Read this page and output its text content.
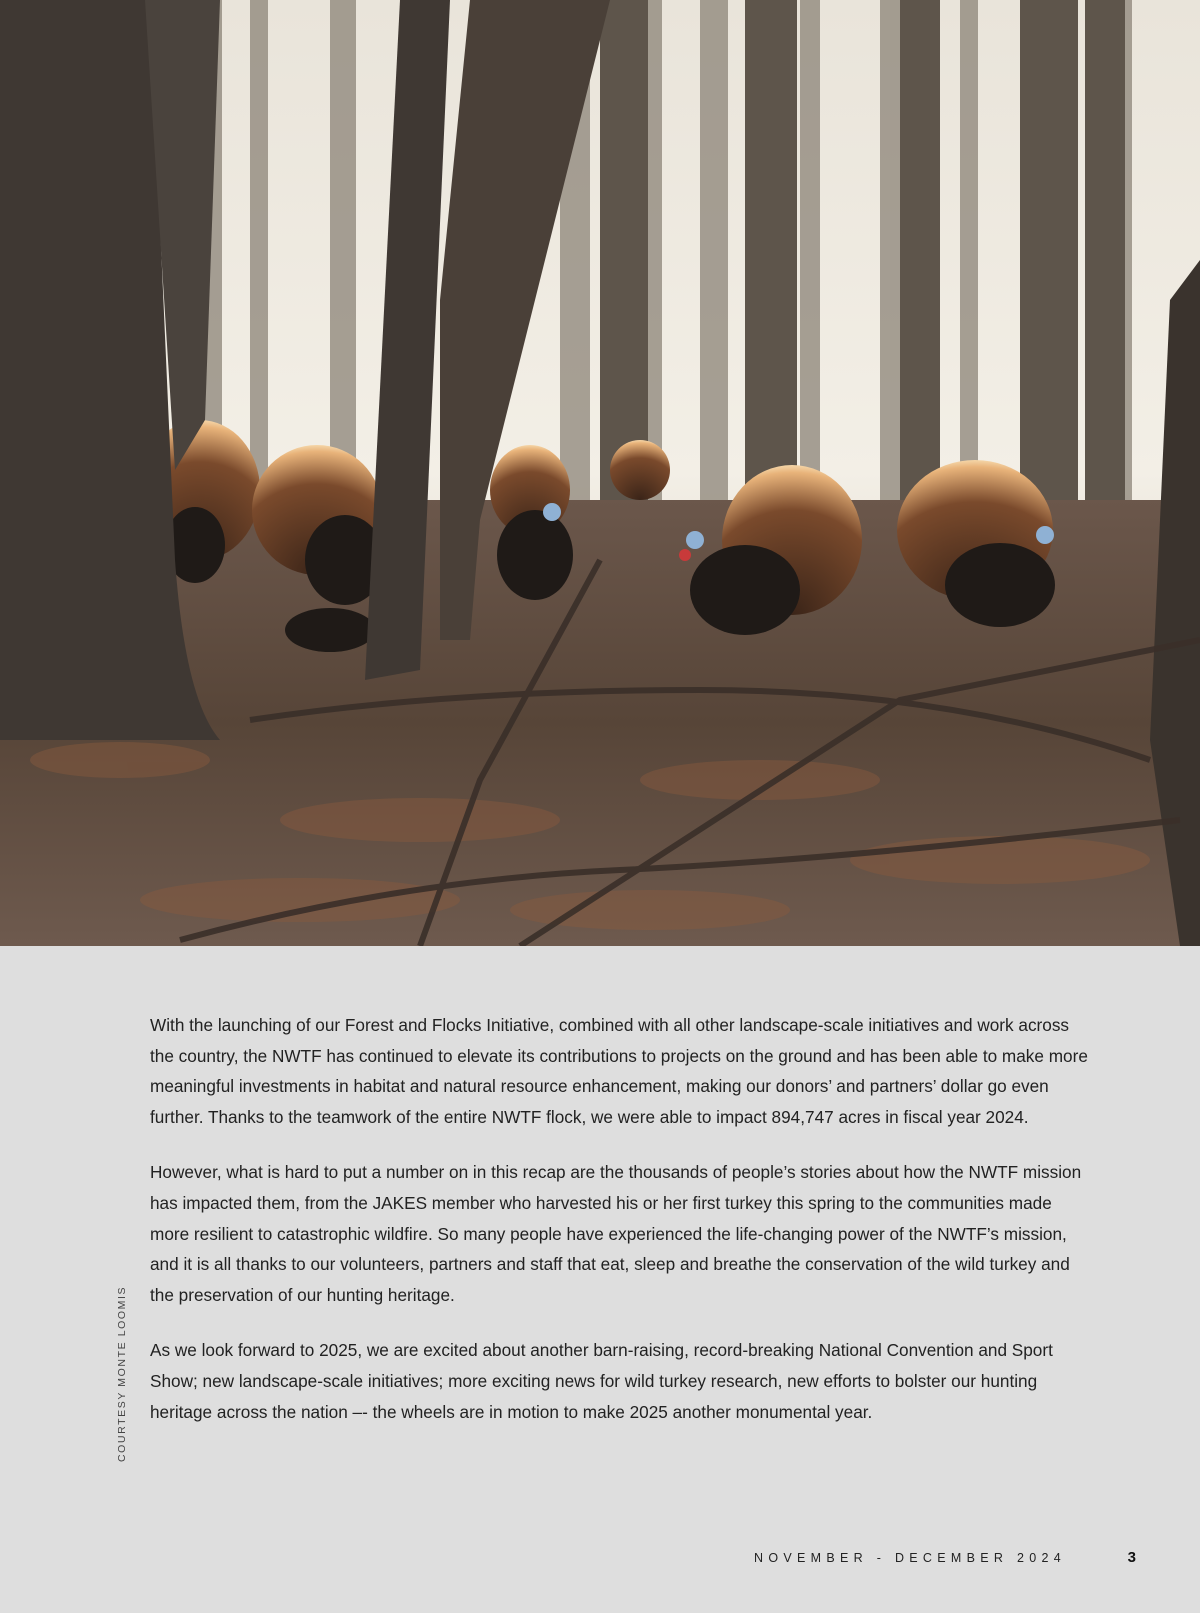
COURTESY MONTE LOOMIS

With the launching of our Forest and Flocks Initiative, combined with all other landscape-scale initiatives and work across the country, the NWTF has continued to elevate its contributions to projects on the ground and has been able to make more meaningful investments in habitat and natural resource enhancement, making our donors’ and partners’ dollar go even further. Thanks to the teamwork of the entire NWTF flock, we were able to impact 894,747 acres in fiscal year 2024.

However, what is hard to put a number on in this recap are the thousands of people’s stories about how the NWTF mission has impacted them, from the JAKES member who harvested his or her first turkey this spring to the communities made more resilient to catastrophic wildfire. So many people have experienced the life-changing power of the NWTF’s mission, and it is all thanks to our volunteers, partners and staff that eat, sleep and breathe the conservation of the wild turkey and the preservation of our hunting heritage.

As we look forward to 2025, we are excited about another barn-raising, record-breaking National Convention and Sport Show; new landscape-scale initiatives; more exciting news for wild turkey research, new efforts to bolster our hunting heritage across the nation –- the wheels are in motion to make 2025 another monumental year.

NOVEMBER - DECEMBER 2024	3
